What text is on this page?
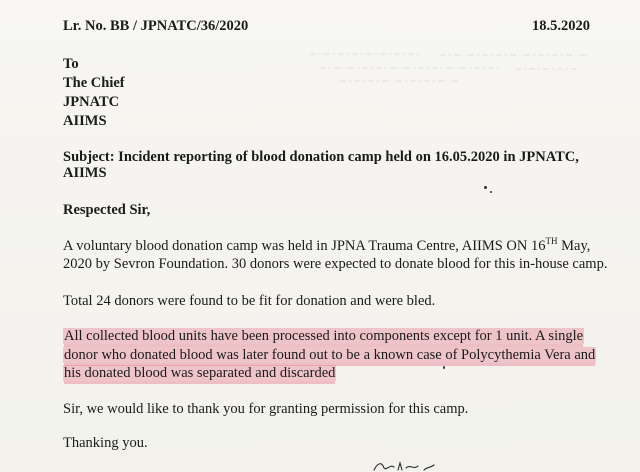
Lr. No. BB / JPNATC/36/2020	18.5.2020
To
The Chief
JPNATC
AIIMS
Subject: Incident reporting of blood donation camp held on 16.05.2020 in JPNATC,
AIIMS
Respected Sir,
A voluntary blood donation camp was held in JPNA Trauma Centre, AIIMS ON 16TH May,
2020 by Sevron Foundation. 30 donors were expected to donate blood for this in-house camp.
Total 24 donors were found to be fit for donation and were bled.
All collected blood units have been processed into components except for 1 unit. A single
donor who donated blood was later found out to be a known case of Polycythemia Vera and
his donated blood was separated and discarded
Sir, we would like to thank you for granting permission for this camp.
Thanking you.
